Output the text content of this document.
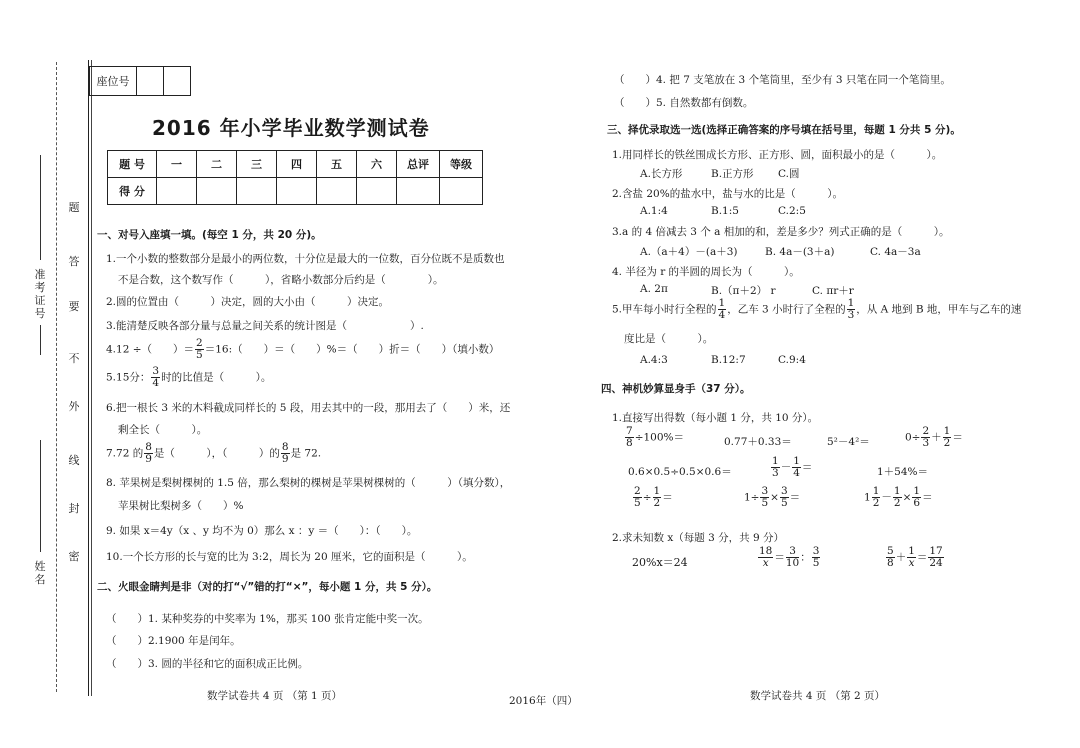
题
答
要
不
外
线
封
密
准考证号
姓名
座位号		
2016 年小学毕业数学测试卷
题 号	一	二	三	四	五	六	总评	等级
得 分								
一、对号入座填一填。(每空 1 分，共 20 分)。
1.一个小数的整数部分是最小的两位数，十分位是最大的一位数，百分位既不是质数也
不是合数，这个数写作（　　　），省略小数部分后约是（　　　　）。
2.圆的位置由（　　　）决定，圆的大小由（　　　）决定。
3.能清楚反映各部分量与总量之间关系的统计图是（　　　　　　）.
4.12 ÷（　　）＝ $\frac{2}{5}$ ＝16:（　　）＝（　　）%＝（　　）折＝（　　）（填小数）
5.15分： $\frac{3}{4}$ 时的比值是（　　　）。
6.把一根长 3 米的木料截成同样长的 5 段，用去其中的一段，那用去了（　　）米，还
剩全长（　　　）。
7.72 的 $\frac{8}{9}$ 是（　　　），（　　　）的 $\frac{8}{9}$ 是 72.
8. 苹果树是梨树棵树的 1.5 倍，那么梨树的棵树是苹果树棵树的（　　　）（填分数），
苹果树比梨树多（　　）%
9. 如果 x＝4y（x 、y 均不为 0）那么 x ：y ＝（　　）：（　　）。
10.一个长方形的长与宽的比为 3:2，周长为 20 厘米，它的面积是（　　　）。
二、火眼金睛判是非（对的打“√”错的打“×”，每小题 1 分，共 5 分）。
（　　）1. 某种奖券的中奖率为 1%，那买 100 张肯定能中奖一次。
（　　）2.1900 年是闰年。
（　　）3. 圆的半径和它的面积成正比例。
（　　）4. 把 7 支笔放在 3 个笔筒里，至少有 3 只笔在同一个笔筒里。
（　　）5. 自然数都有倒数。
三、择优录取选一选(选择正确答案的序号填在括号里，每题 1 分共 5 分)。
1.用同样长的铁丝围成长方形、正方形、圆，面积最小的是（　　　）。
A.长方形	B.正方形 C.圆
2.含盐 20%的盐水中，盐与水的比是（　　　）。
A.1:4	B.1:5	C.2:5
3.a 的 4 倍减去 3 个 a 相加的和，差是多少？列式正确的是（　　　）。
A.（a＋4）－(a＋3)	B. 4a－(3＋a)	C. 4a－3a
4. 半径为 r 的半圆的周长为（　　　）。
A. 2π	B.（π＋2） r	C. πr＋r
5.甲车每小时行全程的 $\frac{1}{4}$ ，乙车 3 小时行了全程的 $\frac{1}{3}$ ，从 A 地到 B 地，甲车与乙车的速
度比是（　　　）。
A.4:3	B.12:7	C.9:4
四、神机妙算显身手（37 分）。
1.直接写出得数（每小题 1 分，共 10 分）。
$\frac{7}{8} \div 100\%=$	0.77＋0.33＝	5²－4²＝	$0\div \frac{2}{3} + \frac{1}{2}$ ＝
0.6×0.5÷0.5×0.6＝	$\frac{1}{3} - \frac{1}{4}$ ＝	1＋54%＝
$\frac{2}{5} \div \frac{1}{2}$ ＝	$1\div \frac{3}{5} \times \frac{3}{5}$ ＝	$1 \frac{1}{2} - \frac{1}{2} \times \frac{1}{6}$ ＝
2.求未知数 x（每题 3 分，共 9 分）
20%x＝24	$\frac{18}{x} = \frac{3}{10}$ ： $\frac{3}{5}$	$\frac{5}{8} + \frac{1}{x} = \frac{17}{24}$
数学试卷共 4 页 （第 1 页）	2016年（四）	数学试卷共 4 页 （第 2 页）
